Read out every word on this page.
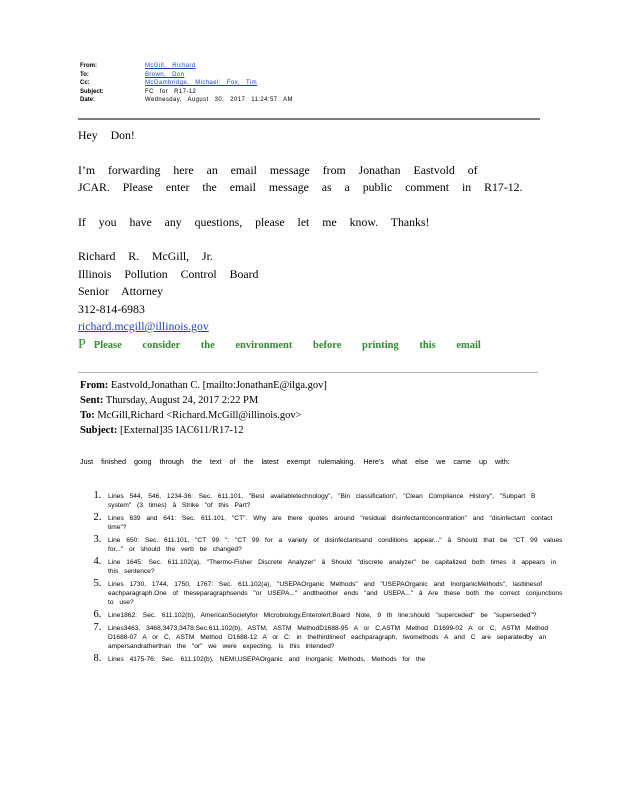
From:	McGill, Richard
To:	Brown, Don
Cc:	McGambridge, Michael; Fox, Tim
Subject:	FC for R17-12
Date:	Wednesday, August 30, 2017 11:24:57 AM

Hey Don!

I’m forwarding here an email message from Jonathan Eastvold of

JCAR. Please enter the email message as a public comment in R17-12.

If you have any questions, please let me know. Thanks!

Richard R. McGill, Jr.

Illinois Pollution Control Board

Senior Attorney

312-814-6983

richard.mcgill@illinois.gov

P Please consider the environment before printing this email

From: Eastvold,Jonathan C. [mailto:JonathanE@ilga.gov]
Sent: Thursday, August 24, 2017 2:22 PM
To: McGill,Richard <Richard.McGill@illinois.gov>
Subject: [External]35 IAC611/R17-12

Just finished going through the text of the latest exempt rulemaking. Here's what else we came up with:

1. Lines 544, 546, 1234-36: Sec. 611.101, "Best availabletechnology", "Bin classification", "Clean Compliance History", "Subpart B system" (3 times) â Strike "of this Part?
2. Lines 639 and 641: Sec. 611.101, "CT". Why are there quotes around "residual disinfectantconcentration" and "disinfectant contact time"?
3. Line 650: Sec. 611.101, "CT 99 ": "CT 99 for a variety of disinfectantsand conditions appear..." â Should that be "CT 99 values for..." or should the verb be changed?
4. Line 1645: Sec. 611.102(a), "Thermo-Fisher Discrete Analyzer" â Should "discrete analyzer" be capitalized both times it appears in this sentence?
5. Lines 1730, 1744, 1750, 1767: Sec. 611.102(a), "USEPAOrganic Methods" and "USEPAOrganic and InorganicMethods", lastlinesof eachparagraph.One of theseparagraphsends "or USEPA..." andtheother ends "and USEPA..." â Are these both the correct conjunctions to use?
6. Line1862: Sec. 611.102(b), AmericanSocietyfor Microbiology,Enterolert,Board Note, 9 th line:should "superceded" be "superseded"?
7. Lines3463, 3468,3473,3478:Sec.611.102(b), ASTM, ASTM MethodD1688-95 A or C,ASTM Method D1699-02 A or C, ASTM Method D1688-07 A or C, ASTM Method D1688-12 A or C: in thethirdlineof eachparagraph, twomethods A and C are separatedby an ampersandratherthan the "or" we were expecting. Is this intended?
8. Lines 4175-76: Sec. 611.102(b), NEMI,USEPAOrganic and Inorganic Methods, Methods for the
